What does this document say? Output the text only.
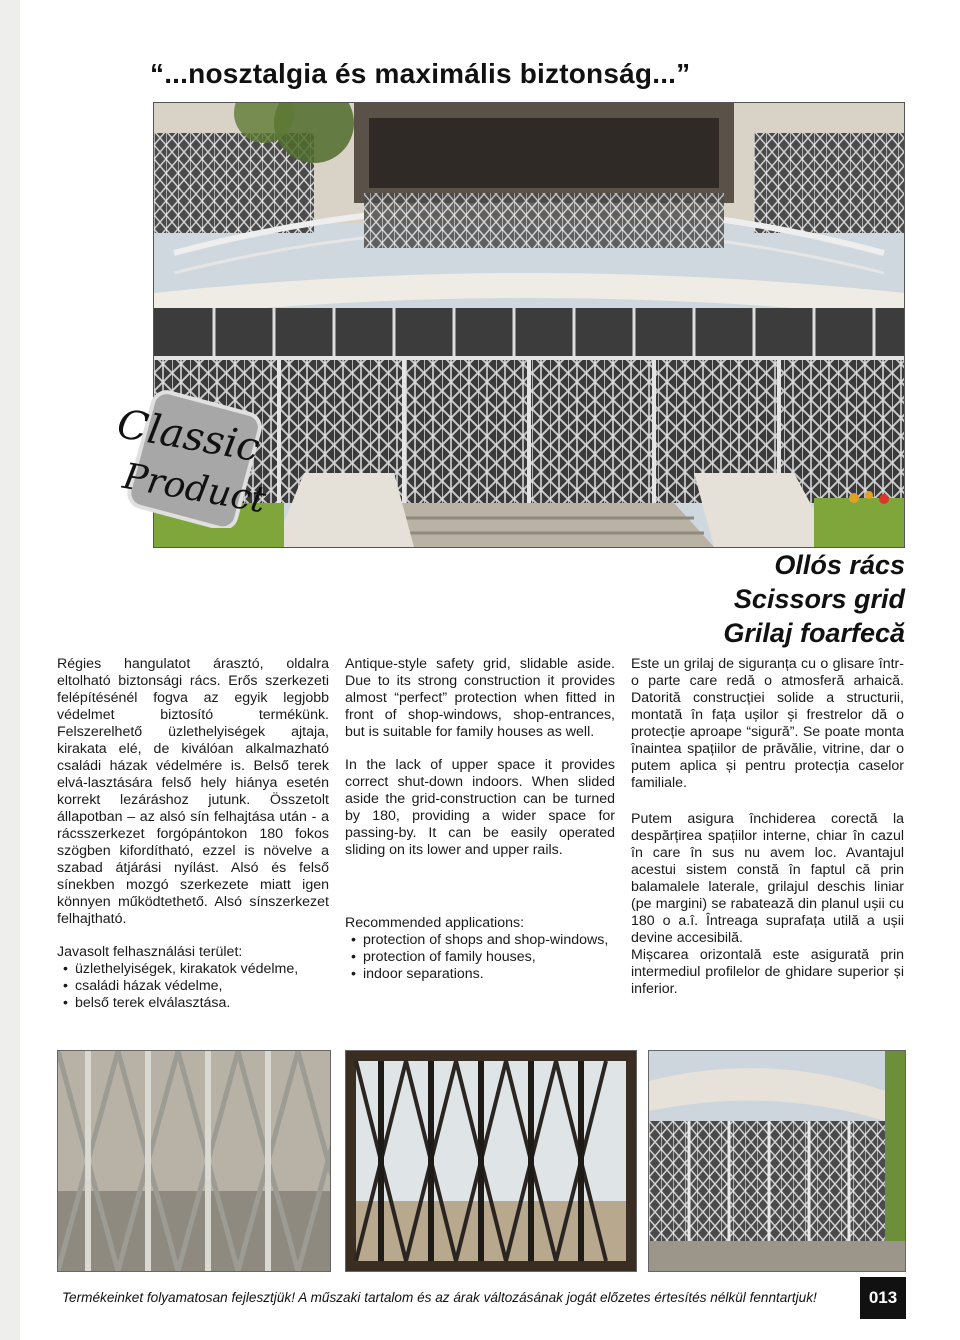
“...nosztalgia és maximális biztonság...”
Classic
Product
Ollós rács
Scissors grid
Grilaj foarfecă

Régies hangulatot árasztó, oldalra eltolható biztonsági rács. Erős szerkezeti felépítésénél fogva az egyik legjobb védelmet biztosító termékünk. Felszerelhető üzlethelyiségek ajtaja, kirakata elé, de kiválóan alkalmazható családi házak védelmére is. Belső terek elvá-lasztására felső hely hiánya esetén korrekt lezáráshoz jutunk. Összetolt állapotban – az alsó sín felhajtása után - a rácsszerkezet forgópántokon 180 fokos szögben kifordítható, ezzel is növelve a szabad átjárási nyílást. Alsó és felső sínekben mozgó szerkezete miatt igen könnyen működtethető. Alsó sínszerkezet felhajtható.

Javasolt felhasználási terület:

• üzlethelyiségek, kirakatok védelme,
• családi házak védelme,
• belső terek elválasztása.

Antique-style safety grid, slidable aside. Due to its strong construction it provides almost “perfect” protection when fitted in front of shop-windows, shop-entrances, but is suitable for family houses as well.

In the lack of upper space it provides correct shut-down indoors. When slided aside the grid-construction can be turned by 180, providing a wider space for passing-by. It can be easily operated sliding on its lower and upper rails.

Recommended applications:

• protection of shops and shop-windows,
• protection of family houses,
• indoor separations.

Este un grilaj de siguranța cu o glisare într-o parte care redă o atmosferă arhaică. Datorită construcției solide a structurii, montată în fața ușilor și frestrelor dă o protecție aproape “sigură”. Se poate monta înaintea spațiilor de prăvălie, vitrine, dar o putem aplica și pentru protecția caselor familiale.

Putem asigura închiderea corectă la despărțirea spațiilor interne, chiar în cazul în care în sus nu avem loc. Avantajul acestui sistem constă în faptul că prin balamalele laterale, grilajul deschis liniar (pe margini) se rabatează din planul ușii cu 180 o a.î. Întreaga suprafața utilă a ușii devine accesibilă.

Mișcarea orizontală este asigurată prin intermediul profilelor de ghidare superior și inferior.

Termékeinket folyamatosan fejlesztjük! A műszaki tartalom és az árak változásának jogát előzetes értesítés nélkül fenntartjuk!	013
